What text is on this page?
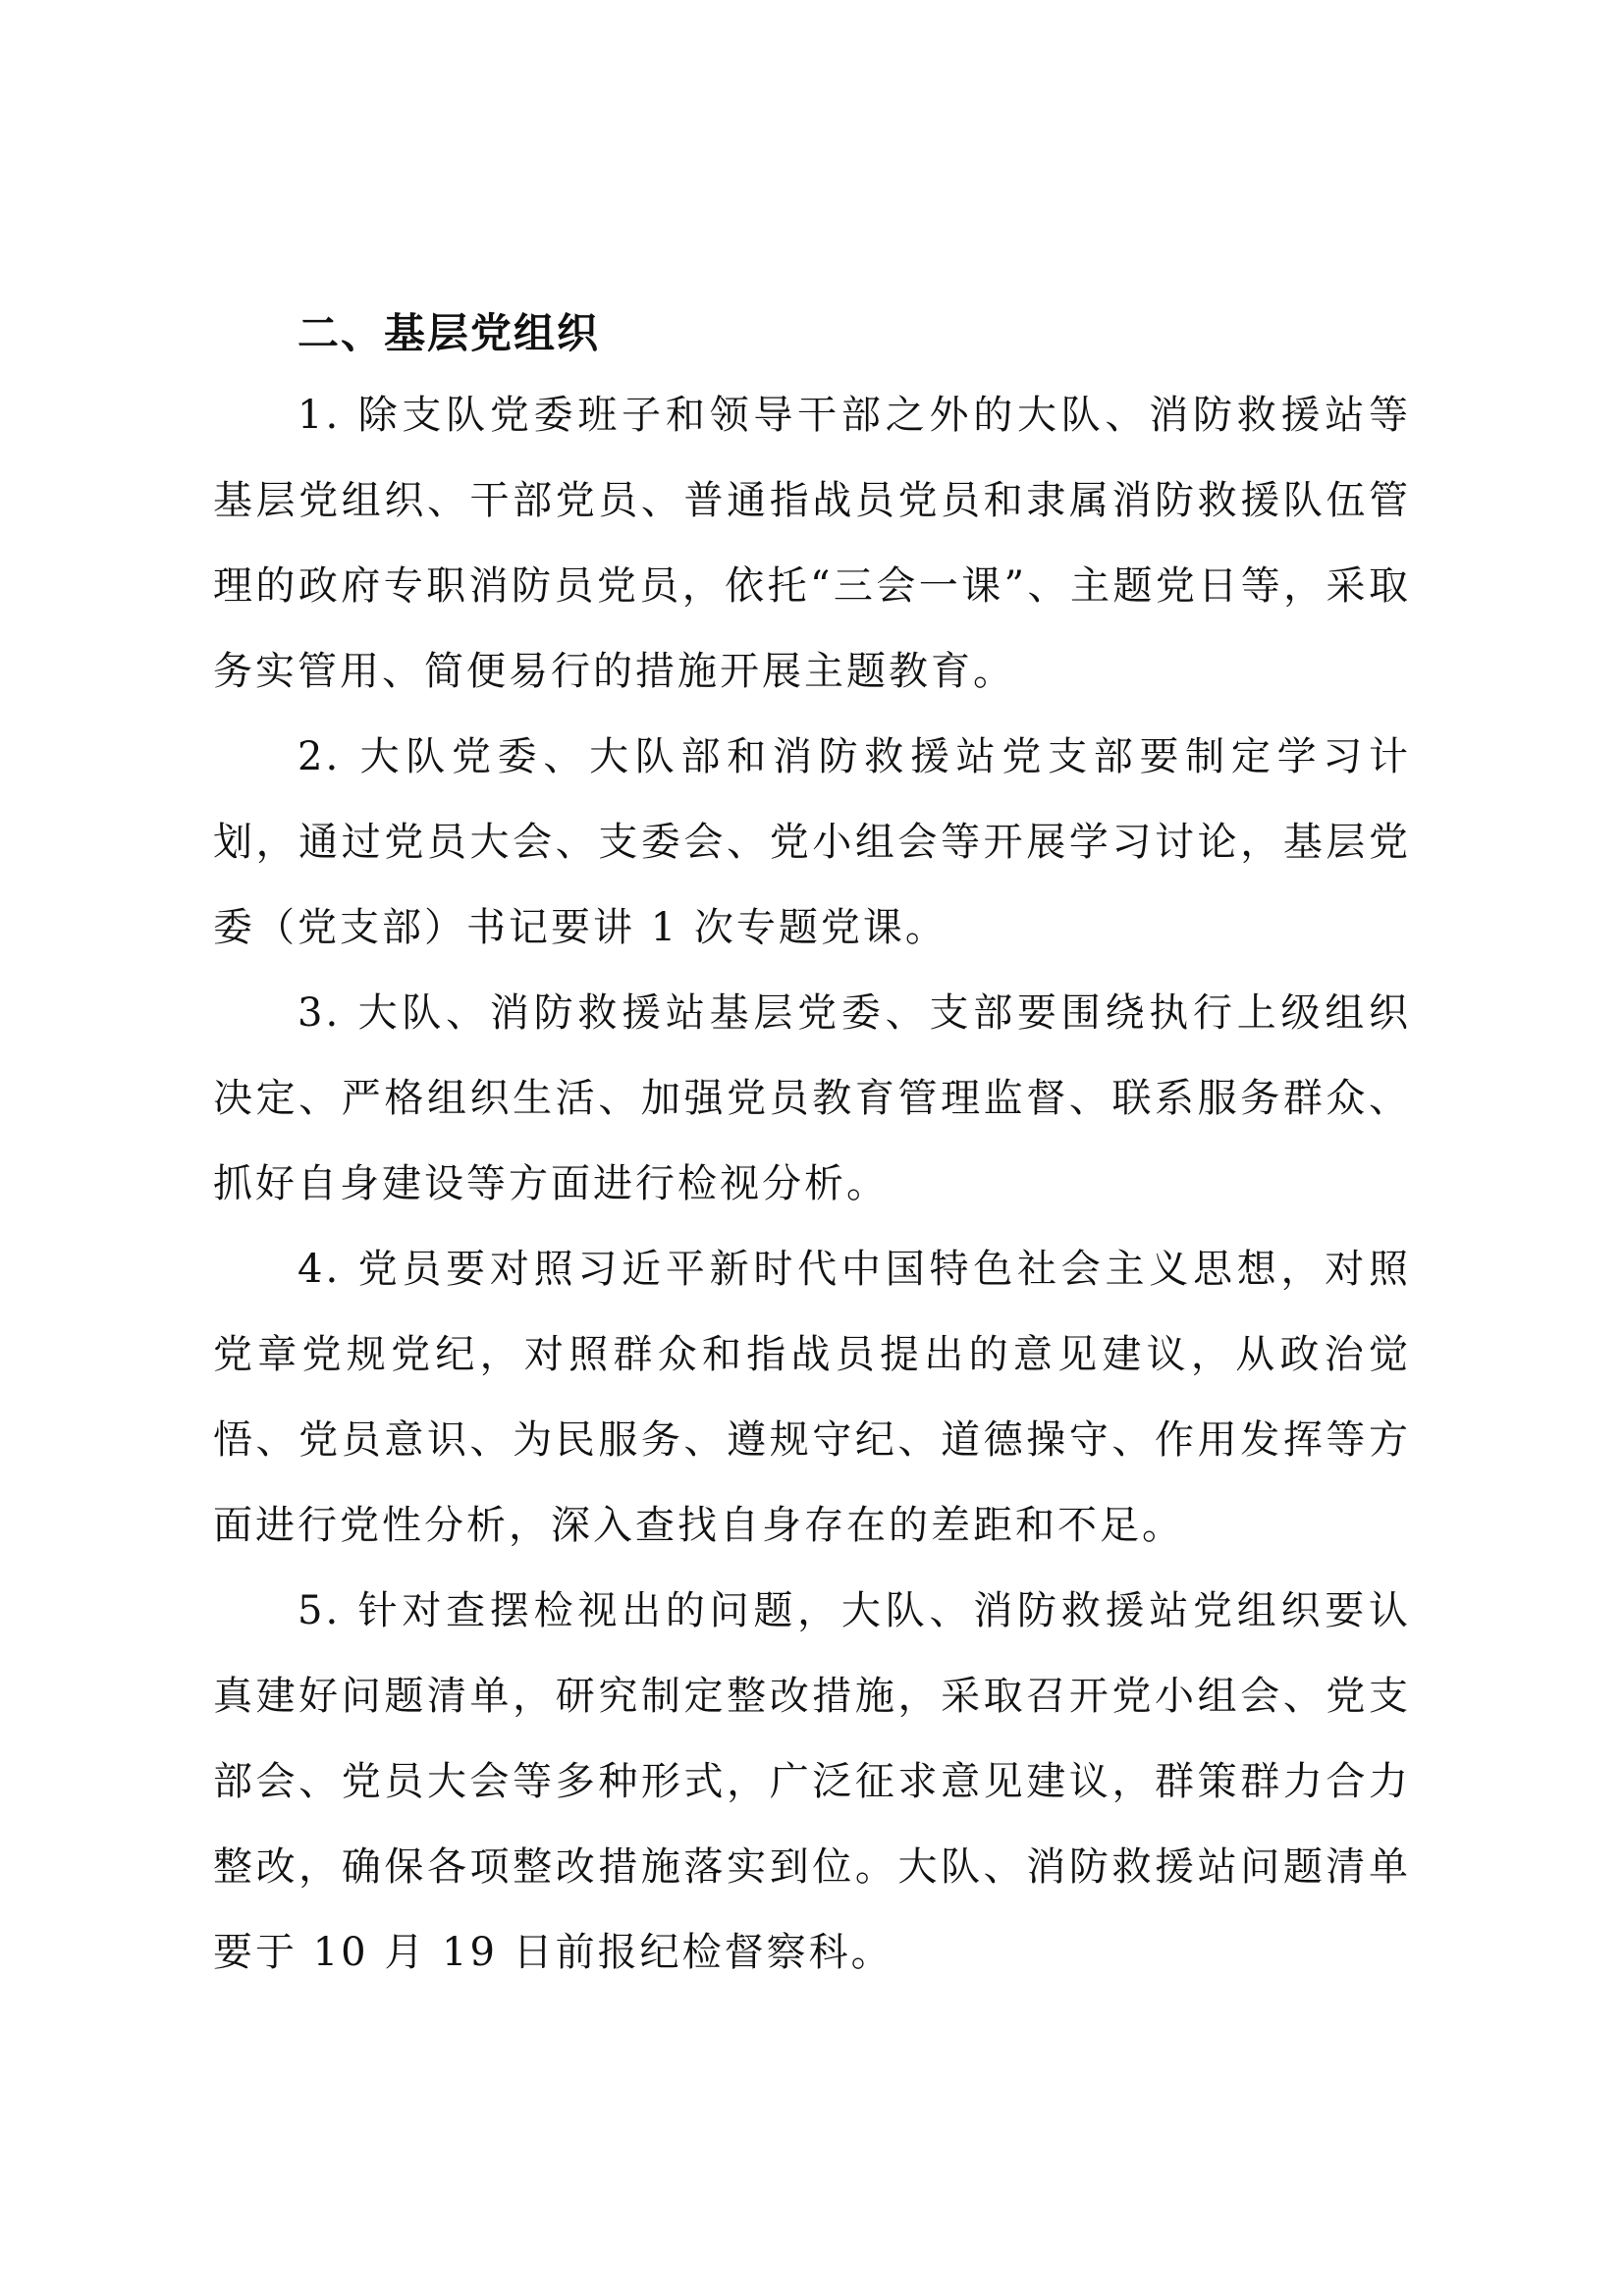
二、基层党组织

1. 除支队党委班子和领导干部之外的大队、消防救援站等基层党组织、干部党员、普通指战员党员和隶属消防救援队伍管理的政府专职消防员党员，依托“三会一课”、主题党日等，采取务实管用、简便易行的措施开展主题教育。

2. 大队党委、大队部和消防救援站党支部要制定学习计划，通过党员大会、支委会、党小组会等开展学习讨论，基层党委（党支部）书记要讲 1 次专题党课。

3. 大队、消防救援站基层党委、支部要围绕执行上级组织决定、严格组织生活、加强党员教育管理监督、联系服务群众、抓好自身建设等方面进行检视分析。

4. 党员要对照习近平新时代中国特色社会主义思想，对照党章党规党纪，对照群众和指战员提出的意见建议，从政治觉悟、党员意识、为民服务、遵规守纪、道德操守、作用发挥等方面进行党性分析，深入查找自身存在的差距和不足。

5. 针对查摆检视出的问题，大队、消防救援站党组织要认真建好问题清单，研究制定整改措施，采取召开党小组会、党支部会、党员大会等多种形式，广泛征求意见建议，群策群力合力整改，确保各项整改措施落实到位。大队、消防救援站问题清单要于 10 月 19 日前报纪检督察科。
